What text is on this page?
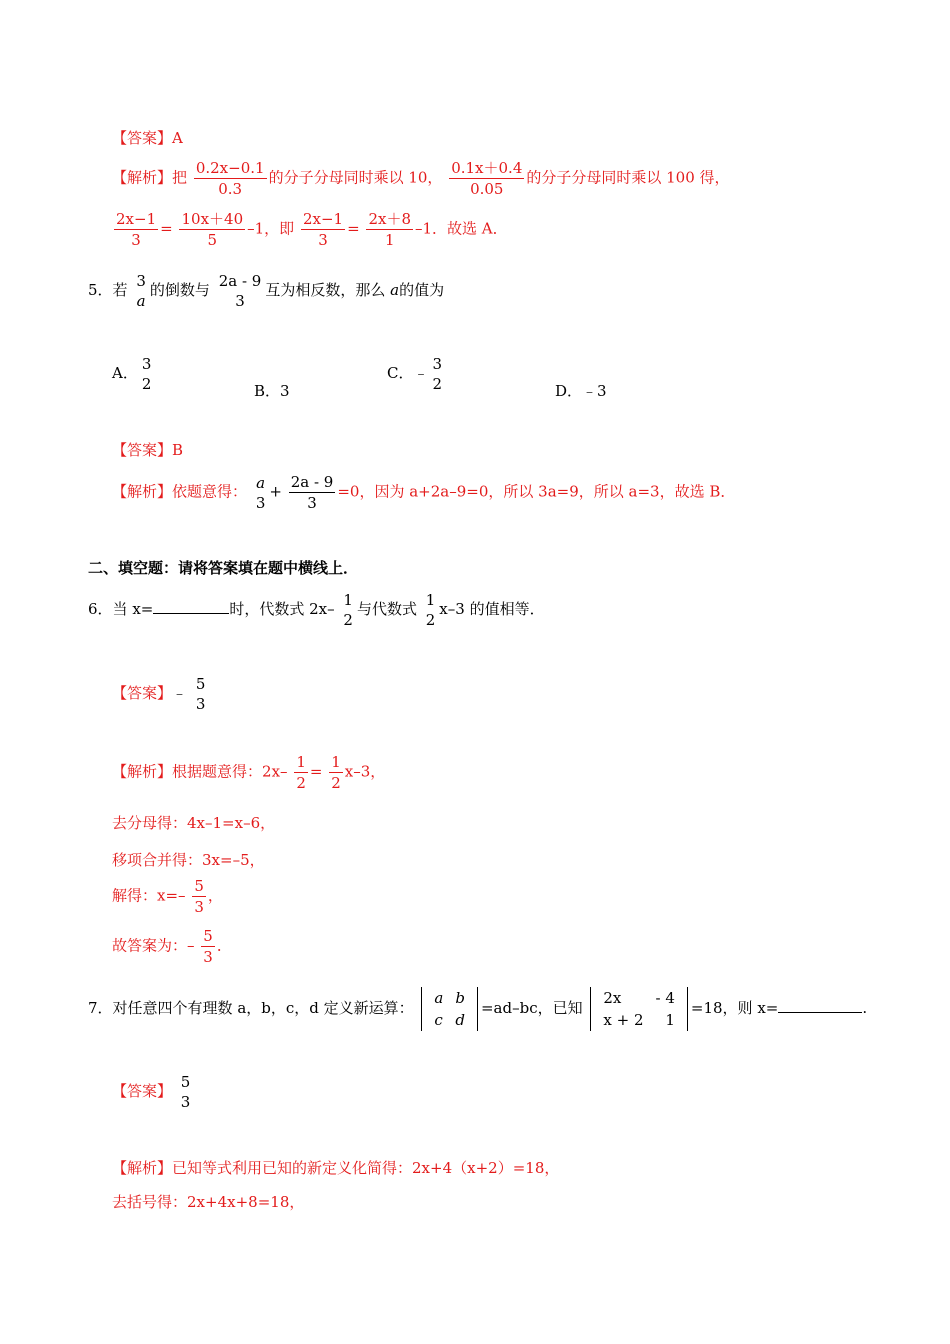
【答案】A
【解析】把 $\frac{0.2x-0.1}{0.3}$ 的分子分母同时乘以 10， $\frac{0.1x+0.4}{0.05}$ 的分子分母同时乘以 100 得，
$\frac{2x-1}{3} = \frac{10x+40}{5} -1$，即 $\frac{2x-1}{3} = \frac{2x+8}{1} -1$．故选 A．
5．若 3
a
的倒数与 2a - 9
3
互为相反数，那么 a的值为
A． 3
2	B．3
C．﹣ 3
2	D．﹣3
【答案】B
【解析】依题意得： a
3
+ $\frac{2a - 9}{3} =0$，因为 a+2a–9=0，所以 3a=9，所以 a=3，故选 B．
二、填空题：请将答案填在题中横线上．
6．当 x=	时，代数式 2x– 1
2
与代数式 1
2
x–3 的值相等．
【答案】﹣ 5
3
【解析】根据题意得：$2x- \frac{1}{2} = \frac{1}{2} x-3$，
去分母得：4x–1=x–6，
移项合并得：3x=–5，
解得：$x=- \frac{5}{3}$ ，
故答案为：– $\frac{5}{3}$ ．
7．对任意四个有理数 a，b，c，d 定义新运算：
a	b
c	d
=ad–bc，已知
2x	- 4
x + 2	1
=18，则 x=	.
【答案】 5
3
【解析】已知等式利用已知的新定义化简得：2x+4（x+2）=18，
去括号得：2x+4x+8=18，
